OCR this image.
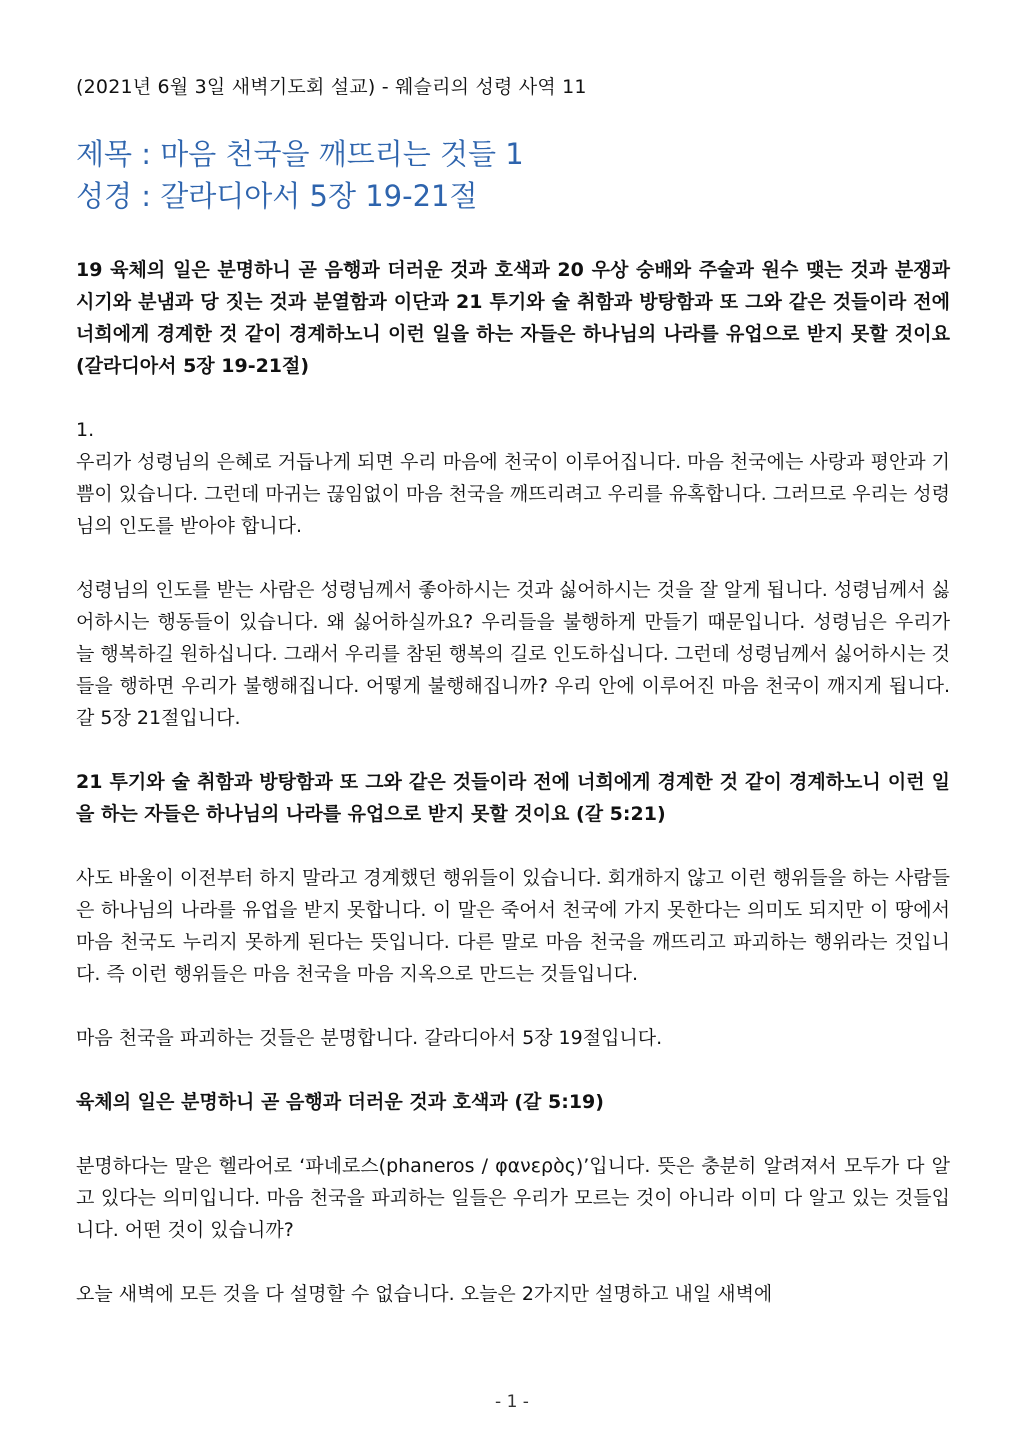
(2021년 6월 3일 새벽기도회 설교) - 웨슬리의 성령 사역 11
제목 : 마음 천국을 깨뜨리는 것들 1
성경 : 갈라디아서 5장 19-21절

19 육체의 일은 분명하니 곧 음행과 더러운 것과 호색과 20 우상 숭배와 주술과 원수 맺는 것과 분쟁과 시기와 분냄과 당 짓는 것과 분열함과 이단과 21 투기와 술 취함과 방탕함과 또 그와 같은 것들이라 전에 너희에게 경계한 것 같이 경계하노니 이런 일을 하는 자들은 하나님의 나라를 유업으로 받지 못할 것이요 (갈라디아서 5장 19-21절)

1.

우리가 성령님의 은혜로 거듭나게 되면 우리 마음에 천국이 이루어집니다. 마음 천국에는 사랑과 평안과 기쁨이 있습니다. 그런데 마귀는 끊임없이 마음 천국을 깨뜨리려고 우리를 유혹합니다. 그러므로 우리는 성령님의 인도를 받아야 합니다.

성령님의 인도를 받는 사람은 성령님께서 좋아하시는 것과 싫어하시는 것을 잘 알게 됩니다. 성령님께서 싫어하시는 행동들이 있습니다. 왜 싫어하실까요? 우리들을 불행하게 만들기 때문입니다. 성령님은 우리가 늘 행복하길 원하십니다. 그래서 우리를 참된 행복의 길로 인도하십니다. 그런데 성령님께서 싫어하시는 것들을 행하면 우리가 불행해집니다. 어떻게 불행해집니까? 우리 안에 이루어진 마음 천국이 깨지게 됩니다. 갈 5장 21절입니다.

21 투기와 술 취함과 방탕함과 또 그와 같은 것들이라 전에 너희에게 경계한 것 같이 경계하노니 이런 일을 하는 자들은 하나님의 나라를 유업으로 받지 못할 것이요 (갈 5:21)

사도 바울이 이전부터 하지 말라고 경계했던 행위들이 있습니다. 회개하지 않고 이런 행위들을 하는 사람들은 하나님의 나라를 유업을 받지 못합니다. 이 말은 죽어서 천국에 가지 못한다는 의미도 되지만 이 땅에서 마음 천국도 누리지 못하게 된다는 뜻입니다. 다른 말로 마음 천국을 깨뜨리고 파괴하는 행위라는 것입니다. 즉 이런 행위들은 마음 천국을 마음 지옥으로 만드는 것들입니다.

마음 천국을 파괴하는 것들은 분명합니다. 갈라디아서 5장 19절입니다.

육체의 일은 분명하니 곧 음행과 더러운 것과 호색과 (갈 5:19)

분명하다는 말은 헬라어로 ‘파네로스(phaneros / φανερὸς)’입니다. 뜻은 충분히 알려져서 모두가 다 알고 있다는 의미입니다. 마음 천국을 파괴하는 일들은 우리가 모르는 것이 아니라 이미 다 알고 있는 것들입니다. 어떤 것이 있습니까?

오늘 새벽에 모든 것을 다 설명할 수 없습니다. 오늘은 2가지만 설명하고 내일 새벽에

- 1 -
